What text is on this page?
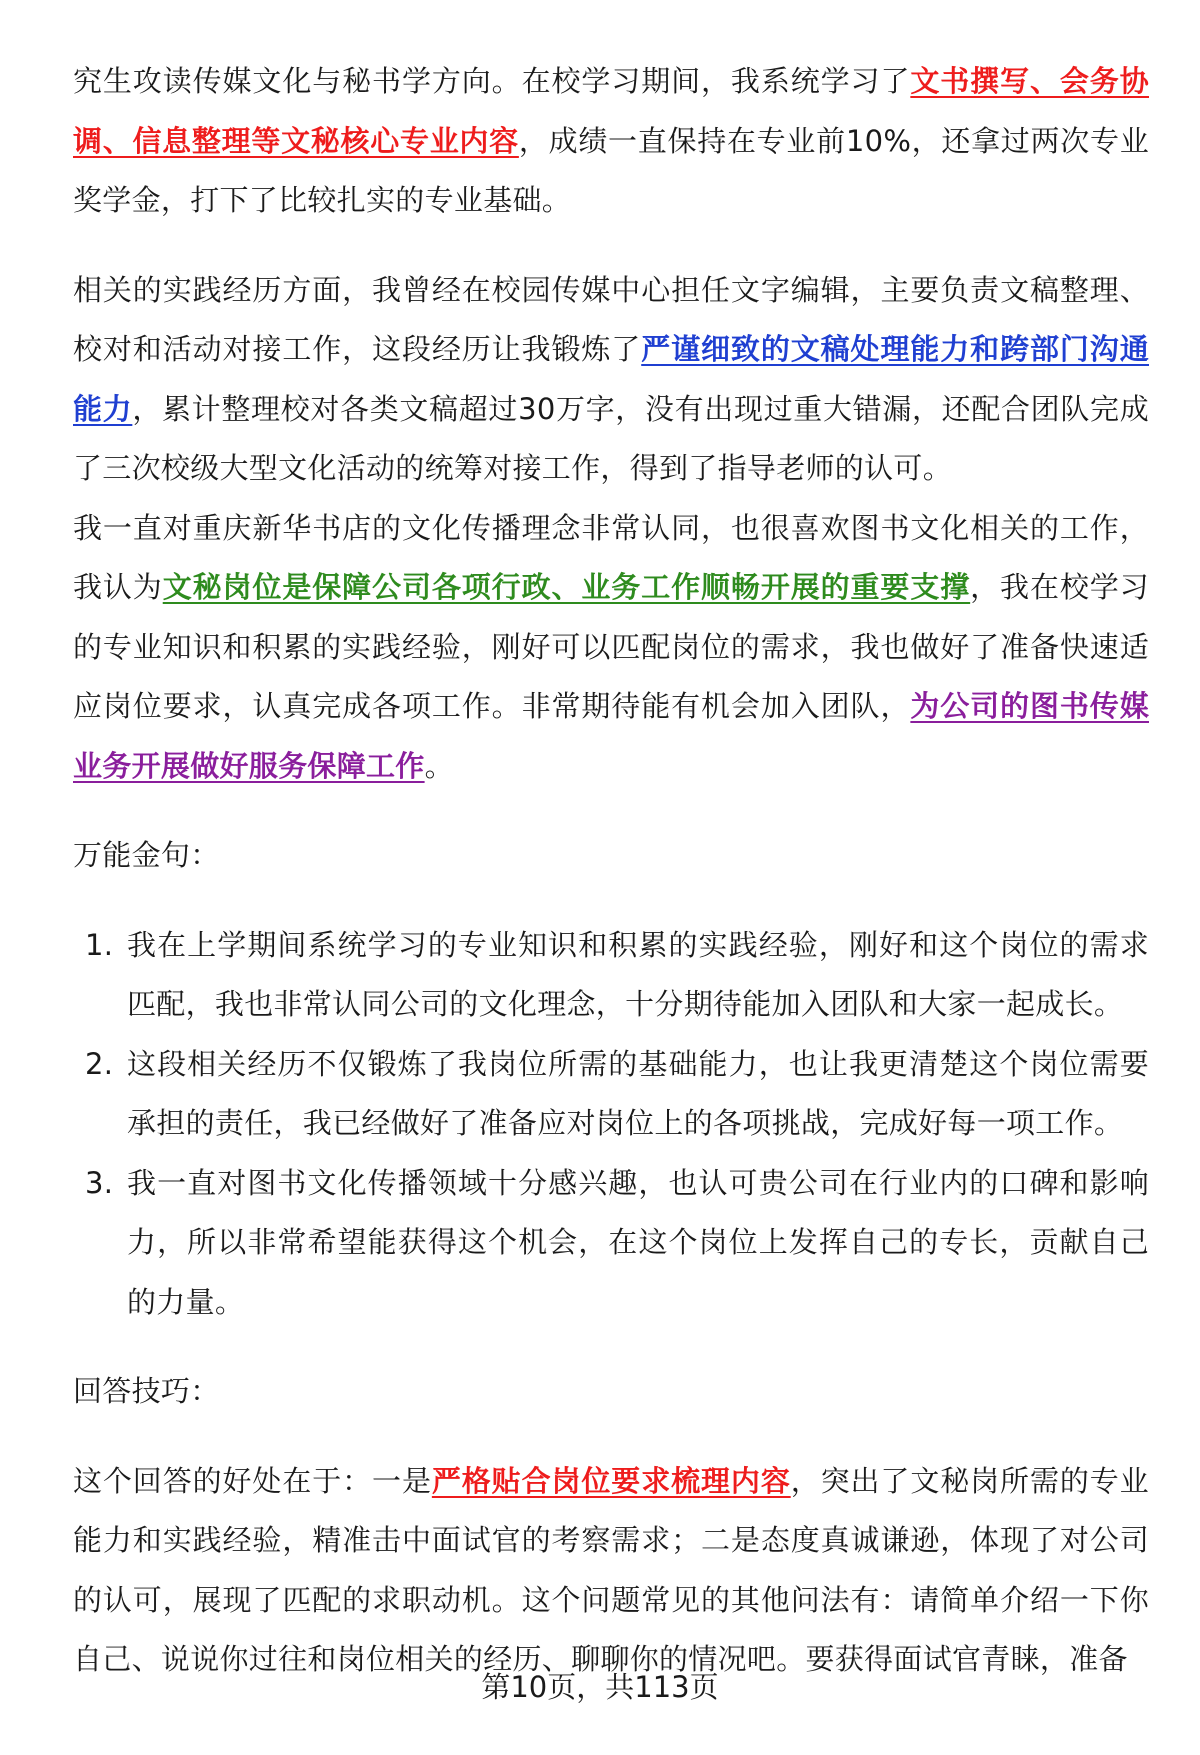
究生攻读传媒文化与秘书学方向。在校学习期间，我系统学习了文书撰写、会务协调、信息整理等文秘核心专业内容，成绩一直保持在专业前10%，还拿过两次专业奖学金，打下了比较扎实的专业基础。

相关的实践经历方面，我曾经在校园传媒中心担任文字编辑，主要负责文稿整理、校对和活动对接工作，这段经历让我锻炼了严谨细致的文稿处理能力和跨部门沟通能力，累计整理校对各类文稿超过30万字，没有出现过重大错漏，还配合团队完成了三次校级大型文化活动的统筹对接工作，得到了指导老师的认可。

我一直对重庆新华书店的文化传播理念非常认同，也很喜欢图书文化相关的工作，我认为文秘岗位是保障公司各项行政、业务工作顺畅开展的重要支撑，我在校学习的专业知识和积累的实践经验，刚好可以匹配岗位的需求，我也做好了准备快速适应岗位要求，认真完成各项工作。非常期待能有机会加入团队，为公司的图书传媒业务开展做好服务保障工作。

万能金句：

1. 我在上学期间系统学习的专业知识和积累的实践经验，刚好和这个岗位的需求匹配，我也非常认同公司的文化理念，十分期待能加入团队和大家一起成长。
2. 这段相关经历不仅锻炼了我岗位所需的基础能力，也让我更清楚这个岗位需要承担的责任，我已经做好了准备应对岗位上的各项挑战，完成好每一项工作。
3. 我一直对图书文化传播领域十分感兴趣，也认可贵公司在行业内的口碑和影响力，所以非常希望能获得这个机会，在这个岗位上发挥自己的专长，贡献自己的力量。

回答技巧：

这个回答的好处在于：一是严格贴合岗位要求梳理内容，突出了文秘岗所需的专业能力和实践经验，精准击中面试官的考察需求；二是态度真诚谦逊，体现了对公司的认可，展现了匹配的求职动机。这个问题常见的其他问法有：请简单介绍一下你自己、说说你过往和岗位相关的经历、聊聊你的情况吧。要获得面试官青睐，准备

第10页，共113页
